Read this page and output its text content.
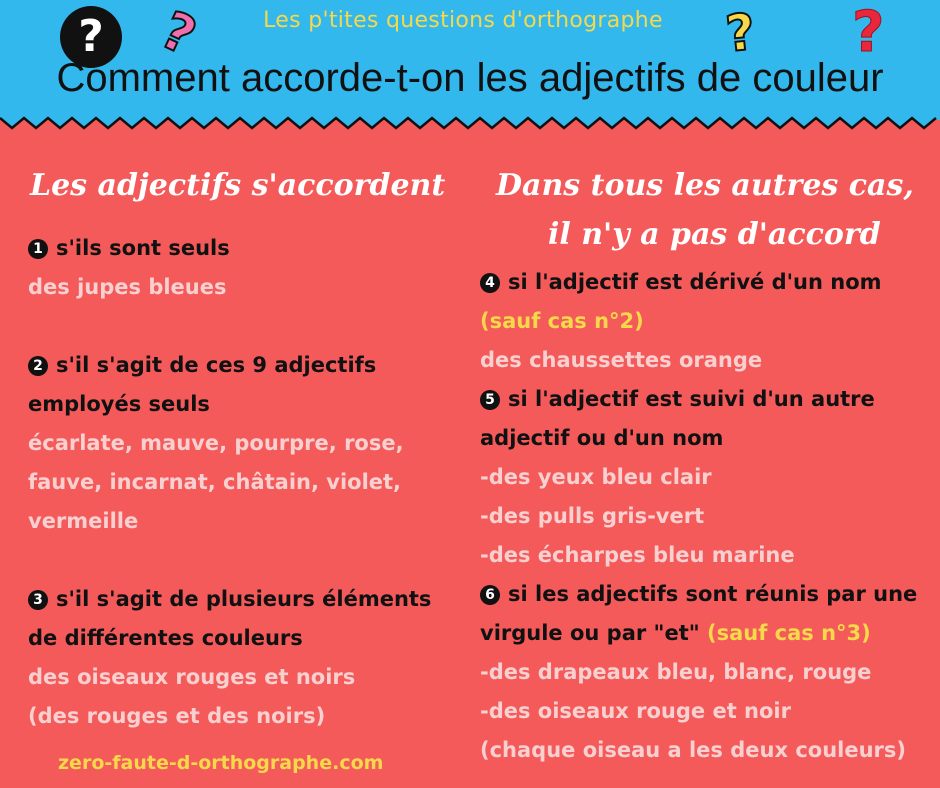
? ?	? ?
Les p'tites questions d'orthographe
Comment accorde-t-on les adjectifs de couleur
Les adjectifs s'accordent
1 s'ils sont seuls
des jupes bleues
2 s'il s'agit de ces 9 adjectifs
employés seuls
écarlate, mauve, pourpre, rose,
fauve, incarnat, châtain, violet,
vermeille
3 s'il s'agit de plusieurs éléments
de différentes couleurs
des oiseaux rouges et noirs
(des rouges et des noirs)
Dans tous les autres cas,
il n'y a pas d'accord
4 si l'adjectif est dérivé d'un nom
(sauf cas n°2)
des chaussettes orange
5 si l'adjectif est suivi d'un autre
adjectif ou d'un nom
-des yeux bleu clair
-des pulls gris-vert
-des écharpes bleu marine
6 si les adjectifs sont réunis par une
virgule ou par "et" (sauf cas n°3)
-des drapeaux bleu, blanc, rouge
-des oiseaux rouge et noir
(chaque oiseau a les deux couleurs)
zero-faute-d-orthographe.com
